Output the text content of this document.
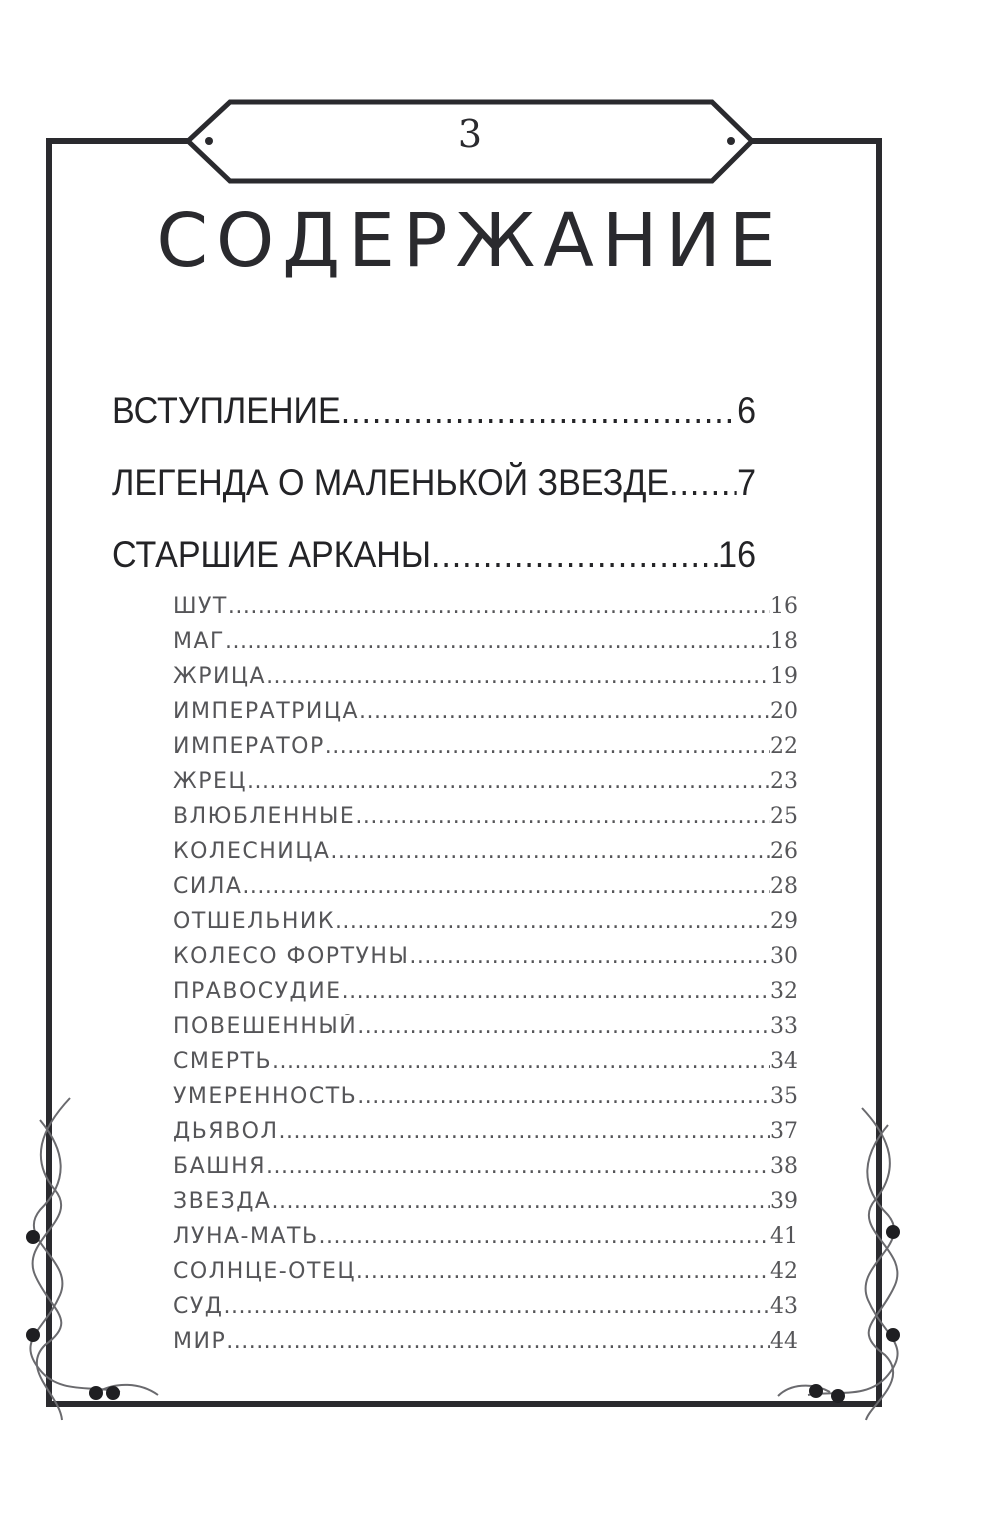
3
СОДЕРЖАНИЕ
ВСТУПЛЕНИЕ .....	6
ЛЕГЕНДА О МАЛЕНЬКОЙ ЗВЕЗДЕ ..... 7
СТАРШИЕ АРКАНЫ .....	16
ШУТ .....	16
МАГ .....	18
ЖРИЦА .....	19
ИМПЕРАТРИЦА .....	20
ИМПЕРАТОР .....	22
ЖРЕЦ .....	23
ВЛЮБЛЕННЫЕ .....	25
КОЛЕСНИЦА .....	26
СИЛА .....	28
ОТШЕЛЬНИК .....	29
КОЛЕСО ФОРТУНЫ .....	30
ПРАВОСУДИЕ .....	32
ПОВЕШЕННЫЙ .....	33
СМЕРТЬ .....	34
УМЕРЕННОСТЬ .....	35
ДЬЯВОЛ .....	37
БАШНЯ .....	38
ЗВЕЗДА .....	39
ЛУНА-МАТЬ .....	41
СОЛНЦЕ-ОТЕЦ .....	42
СУД .....	43
МИР .....	44
